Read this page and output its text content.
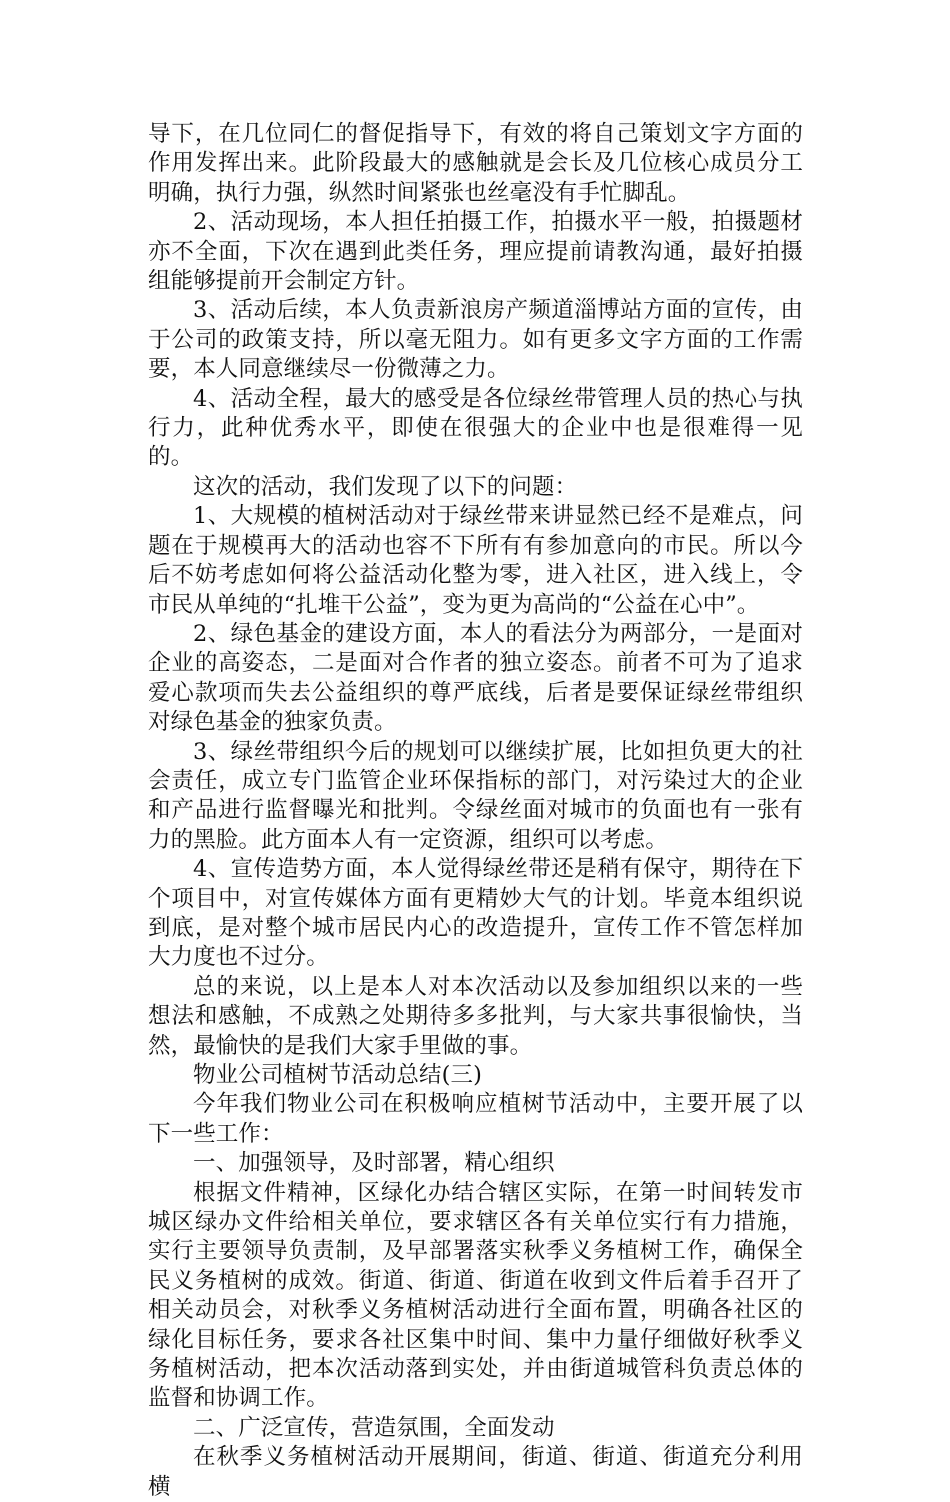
导下，在几位同仁的督促指导下，有效的将自己策划文字方面的作用发挥出来。此阶段最大的感触就是会长及几位核心成员分工明确，执行力强，纵然时间紧张也丝毫没有手忙脚乱。

2、活动现场，本人担任拍摄工作，拍摄水平一般，拍摄题材亦不全面，下次在遇到此类任务，理应提前请教沟通，最好拍摄组能够提前开会制定方针。

3、活动后续，本人负责新浪房产频道淄博站方面的宣传，由于公司的政策支持，所以毫无阻力。如有更多文字方面的工作需要，本人同意继续尽一份微薄之力。

4、活动全程，最大的感受是各位绿丝带管理人员的热心与执行力，此种优秀水平，即使在很强大的企业中也是很难得一见的。

这次的活动，我们发现了以下的问题：

1、大规模的植树活动对于绿丝带来讲显然已经不是难点，问题在于规模再大的活动也容不下所有有参加意向的市民。所以今后不妨考虑如何将公益活动化整为零，进入社区，进入线上，令市民从单纯的“扎堆干公益”，变为更为高尚的“公益在心中”。

2、绿色基金的建设方面，本人的看法分为两部分，一是面对企业的高姿态，二是面对合作者的独立姿态。前者不可为了追求爱心款项而失去公益组织的尊严底线，后者是要保证绿丝带组织对绿色基金的独家负责。

3、绿丝带组织今后的规划可以继续扩展，比如担负更大的社会责任，成立专门监管企业环保指标的部门，对污染过大的企业和产品进行监督曝光和批判。令绿丝面对城市的负面也有一张有力的黑脸。此方面本人有一定资源，组织可以考虑。

4、宣传造势方面，本人觉得绿丝带还是稍有保守，期待在下个项目中，对宣传媒体方面有更精妙大气的计划。毕竟本组织说到底，是对整个城市居民内心的改造提升，宣传工作不管怎样加大力度也不过分。

总的来说，以上是本人对本次活动以及参加组织以来的一些想法和感触，不成熟之处期待多多批判，与大家共事很愉快，当然，最愉快的是我们大家手里做的事。

物业公司植树节活动总结(三)

今年我们物业公司在积极响应植树节活动中，主要开展了以下一些工作：

一、加强领导，及时部署，精心组织

根据文件精神，区绿化办结合辖区实际，在第一时间转发市城区绿办文件给相关单位，要求辖区各有关单位实行有力措施，实行主要领导负责制，及早部署落实秋季义务植树工作，确保全民义务植树的成效。街道、街道、街道在收到文件后着手召开了相关动员会，对秋季义务植树活动进行全面布置，明确各社区的绿化目标任务，要求各社区集中时间、集中力量仔细做好秋季义务植树活动，把本次活动落到实处，并由街道城管科负责总体的监督和协调工作。

二、广泛宣传，营造氛围，全面发动

在秋季义务植树活动开展期间，街道、街道、街道充分利用横
